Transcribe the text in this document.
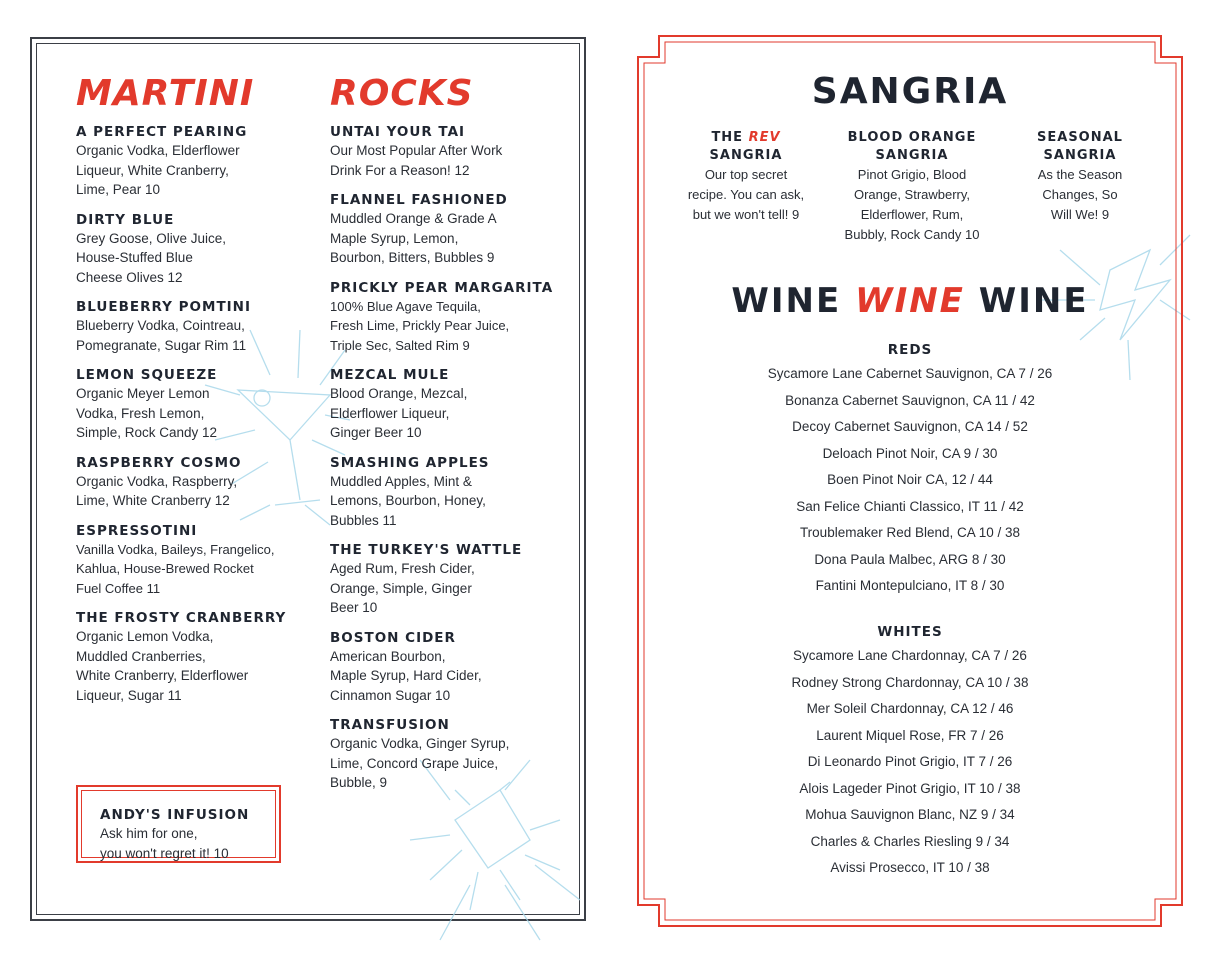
MARTINI
A PERFECT PEARING
Organic Vodka, Elderflower
Liqueur, White Cranberry,
Lime, Pear 10
DIRTY BLUE
Grey Goose, Olive Juice,
House-Stuffed Blue
Cheese Olives 12
BLUEBERRY POMTINI
Blueberry Vodka, Cointreau,
Pomegranate, Sugar Rim 11
LEMON SQUEEZE
Organic Meyer Lemon
Vodka, Fresh Lemon,
Simple, Rock Candy 12
RASPBERRY COSMO
Organic Vodka, Raspberry,
Lime, White Cranberry 12
ESPRESSOTINI
Vanilla Vodka, Baileys, Frangelico,
Kahlua, House-Brewed Rocket
Fuel Coffee 11
THE FROSTY CRANBERRY
Organic Lemon Vodka,
Muddled Cranberries,
White Cranberry, Elderflower
Liqueur, Sugar 11
ANDY'S INFUSION
Ask him for one,
you won't regret it! 10
ROCKS
UNTAI YOUR TAI
Our Most Popular After Work
Drink For a Reason! 12
FLANNEL FASHIONED
Muddled Orange & Grade A
Maple Syrup, Lemon,
Bourbon, Bitters, Bubbles 9
PRICKLY PEAR MARGARITA
100% Blue Agave Tequila,
Fresh Lime, Prickly Pear Juice,
Triple Sec, Salted Rim 9
MEZCAL MULE
Blood Orange, Mezcal,
Elderflower Liqueur,
Ginger Beer 10
SMASHING APPLES
Muddled Apples, Mint &
Lemons, Bourbon, Honey,
Bubbles 11
THE TURKEY'S WATTLE
Aged Rum, Fresh Cider,
Orange, Simple, Ginger
Beer 10
BOSTON CIDER
American Bourbon,
Maple Syrup, Hard Cider,
Cinnamon Sugar 10
TRANSFUSION
Organic Vodka, Ginger Syrup,
Lime, Concord Grape Juice,
Bubble, 9
SANGRIA
THE REV
SANGRIA
Our top secret
recipe. You can ask,
but we won't tell! 9
BLOOD ORANGE
SANGRIA
Pinot Grigio, Blood
Orange, Strawberry,
Elderflower, Rum,
Bubbly, Rock Candy 10
SEASONAL
SANGRIA
As the Season
Changes, So
Will We! 9
WINE WINE WINE
REDS
Sycamore Lane Cabernet Sauvignon, CA 7 / 26
Bonanza Cabernet Sauvignon, CA 11 / 42
Decoy Cabernet Sauvignon, CA 14 / 52
Deloach Pinot Noir, CA 9 / 30
Boen Pinot Noir CA, 12 / 44
San Felice Chianti Classico, IT 11 / 42
Troublemaker Red Blend, CA 10 / 38
Dona Paula Malbec, ARG 8 / 30
Fantini Montepulciano, IT 8 / 30
WHITES
Sycamore Lane Chardonnay, CA 7 / 26
Rodney Strong Chardonnay, CA 10 / 38
Mer Soleil Chardonnay, CA 12 / 46
Laurent Miquel Rose, FR 7 / 26
Di Leonardo Pinot Grigio, IT 7 / 26
Alois Lageder Pinot Grigio, IT 10 / 38
Mohua Sauvignon Blanc, NZ 9 / 34
Charles & Charles Riesling 9 / 34
Avissi Prosecco, IT 10 / 38
